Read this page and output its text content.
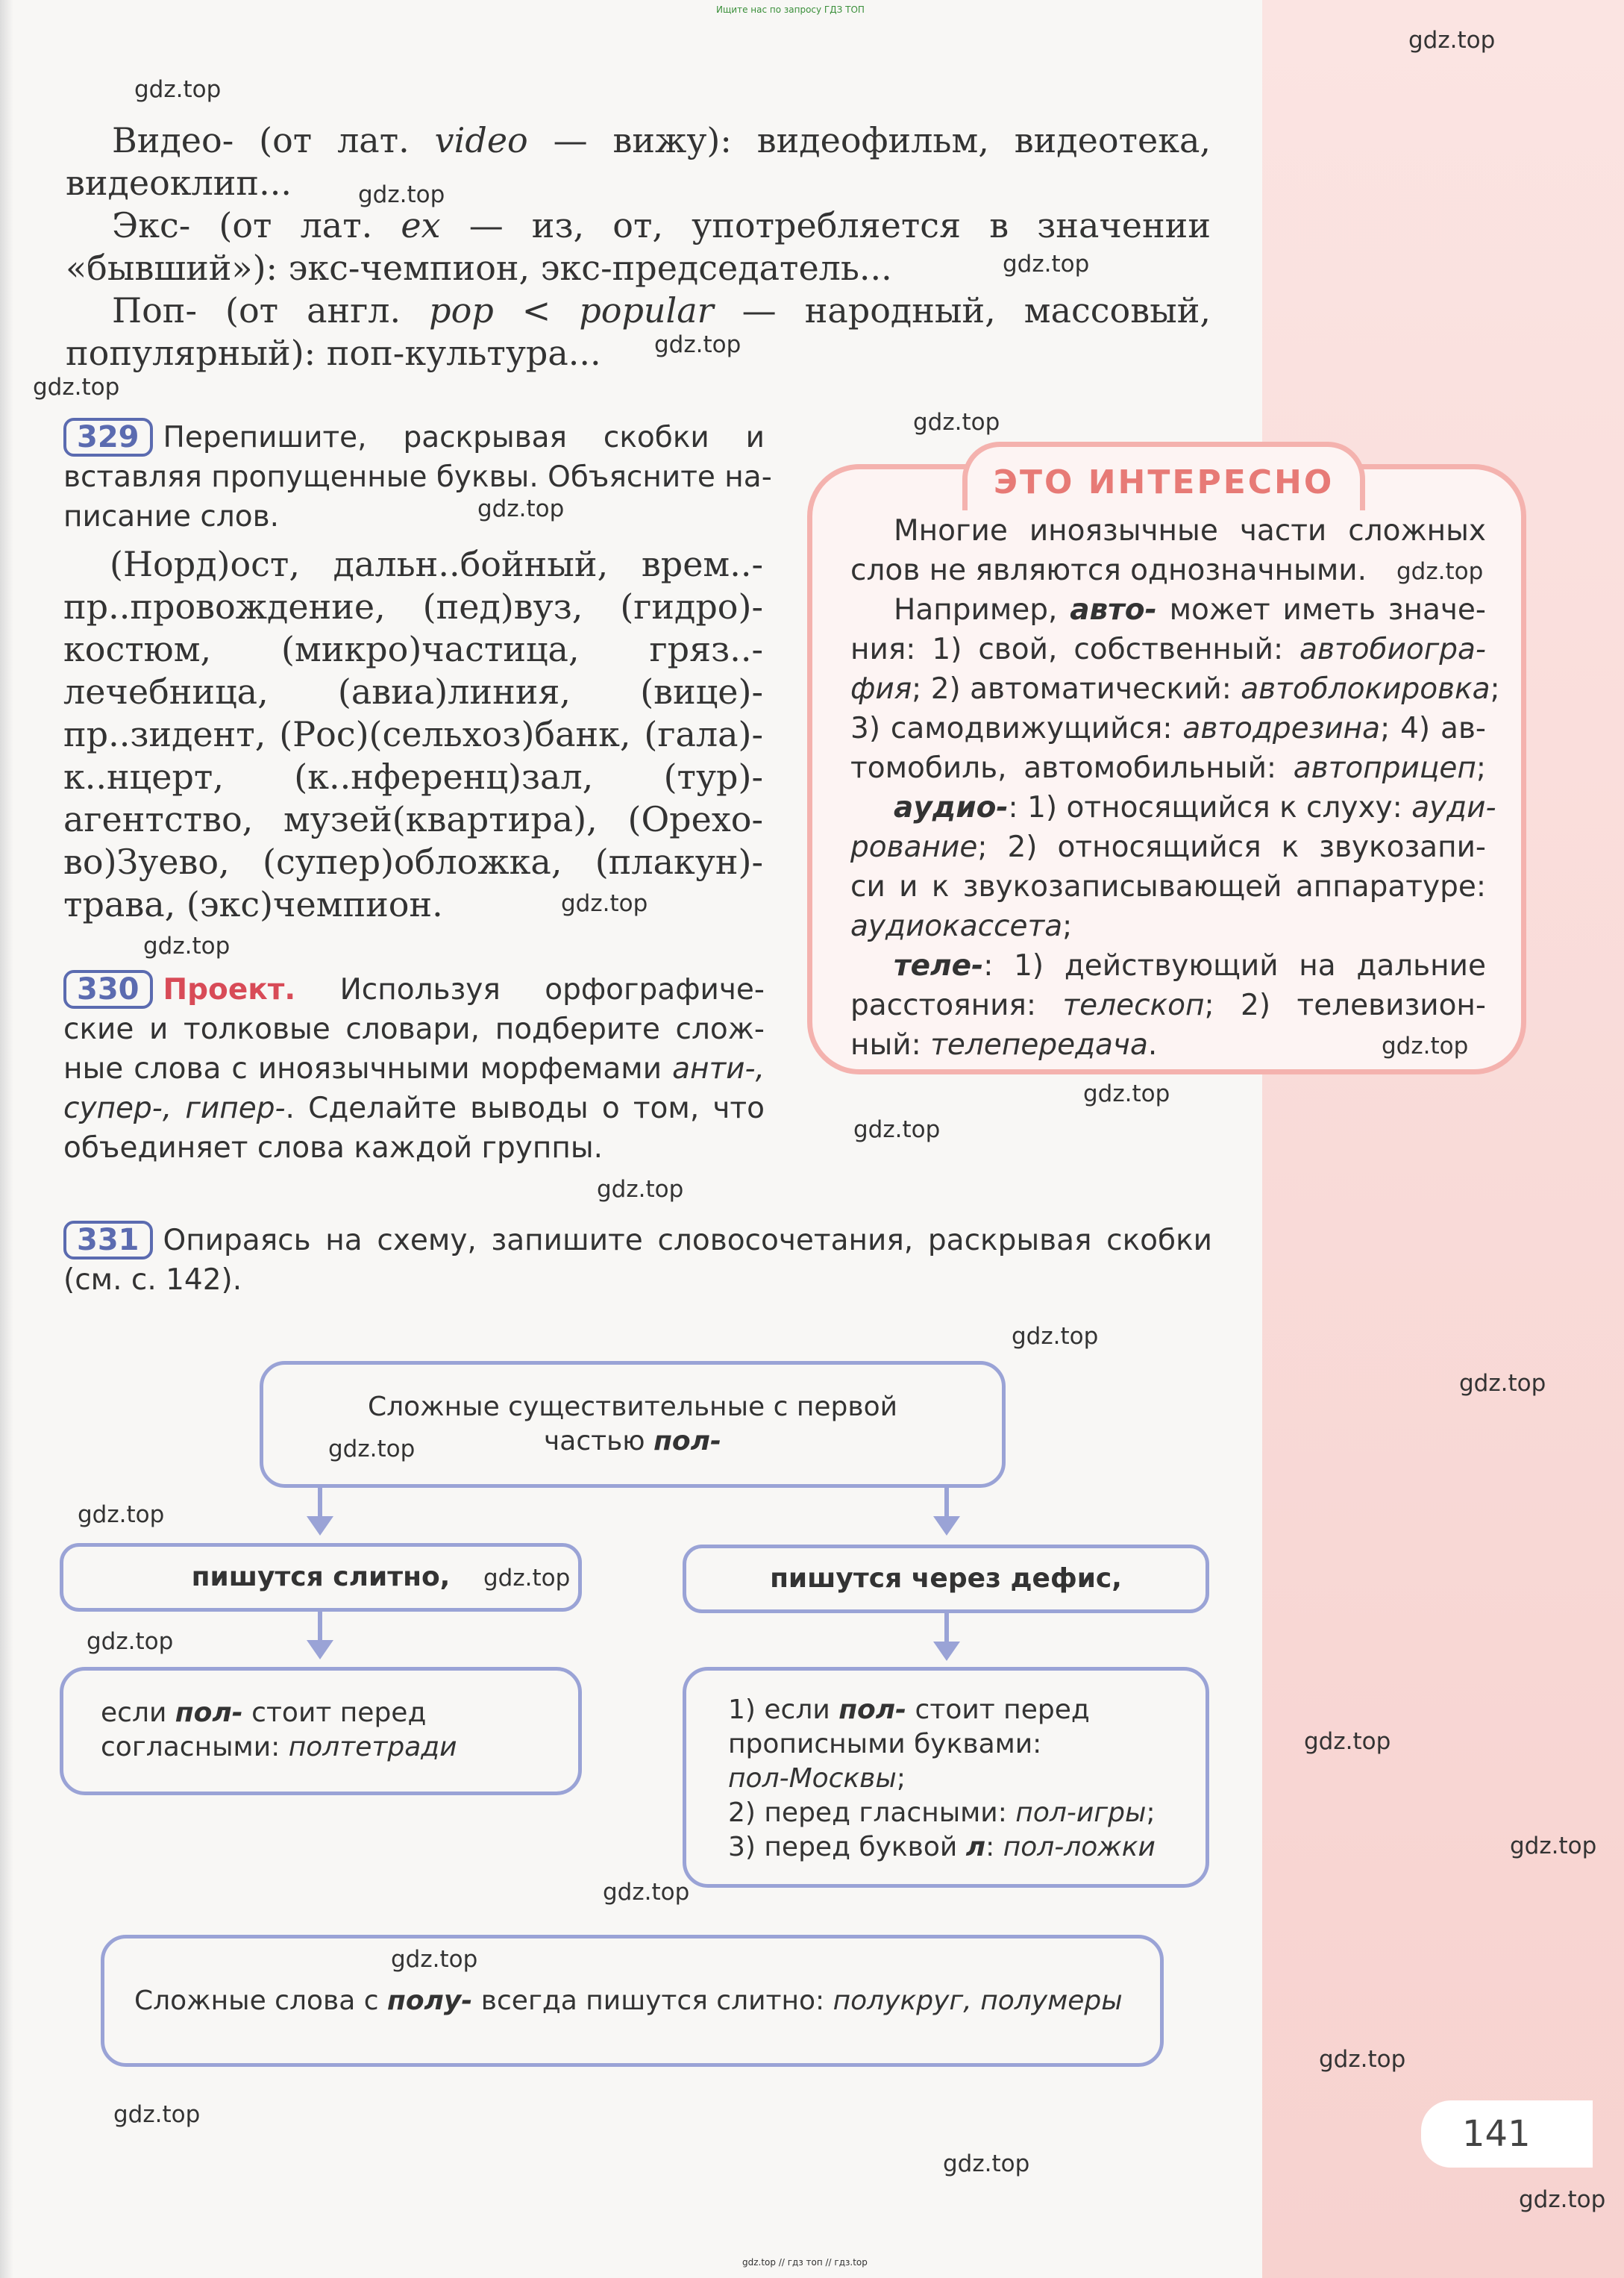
Ищите нас по запросу ГДЗ ТОП
Видео- (от лат. video — вижу): видеофильм, видеотека,
видеоклип...
Экс- (от лат. ex — из, от, употребляется в значении
«бывший»): экс-чемпион, экс-председатель...
Поп- (от англ. pop < popular — народный, массовый,
популярный): поп-культура...
329 Перепишите, раскрывая скобки и
вставляя пропущенные буквы. Объясните на-
писание слов.
(Норд)ост, дальн..бойный, врем..-
пр..провождение, (пед)вуз, (гидро)-
костюм, (микро)частица, гряз..-
лечебница, (авиа)линия, (вице)-
пр..зидент, (Рос)(сельхоз)банк, (гала)-
к..нцерт, (к..нференц)зал, (тур)-
агентство, музей(квартира), (Орехо-
во)Зуево, (супер)обложка, (плакун)-
трава, (экс)чемпион.
330 Проект. Используя орфографиче-
ские и толковые словари, подберите слож-
ные слова с иноязычными морфемами анти-,
супер-, гипер-. Сделайте выводы о том, что
объединяет слова каждой группы.
331 Опираясь на схему, запишите словосочетания, раскрывая скобки
(см. с. 142).
ЭТО ИНТЕРЕСНО
Многие иноязычные части сложных
слов не являются однозначными.
Например, авто- может иметь значе-
ния: 1) свой, собственный: автобиогра-
фия; 2) автоматический: автоблокировка;
3) самодвижущийся: автодрезина; 4) ав-
томобиль, автомобильный: автоприцеп;
аудио-: 1) относящийся к слуху: ауди-
рование; 2) относящийся к звукозапи-
си и к звукозаписывающей аппаратуре:
аудиокассета;
теле-: 1) действующий на дальние
расстояния: телескоп; 2) телевизион-
ный: телепередача.
Сложные существительные с первой
частью пол-
пишутся слитно,	пишутся через дефис,
если пол- стоит перед
согласными: полтетради
1) если пол- стоит перед
прописными буквами:
пол-Москвы;
2) перед гласными: пол-игры;
3) перед буквой л: пол-ложки
Сложные слова с полу- всегда пишутся слитно: полукруг, полумеры
141
gdz.top
gdz.top
gdz.top
gdz.top
gdz.top
gdz.top
gdz.top
gdz.top
gdz.top
gdz.top
gdz.top
gdz.top
gdz.top
gdz.top
gdz.top
gdz.top
gdz.top
gdz.top
gdz.top
gdz.top
gdz.top
gdz.top
gdz.top
gdz.top
gdz.top
gdz.top
gdz.top
gdz.top
gdz.top
gdz.top // гдз топ // гдз.top
